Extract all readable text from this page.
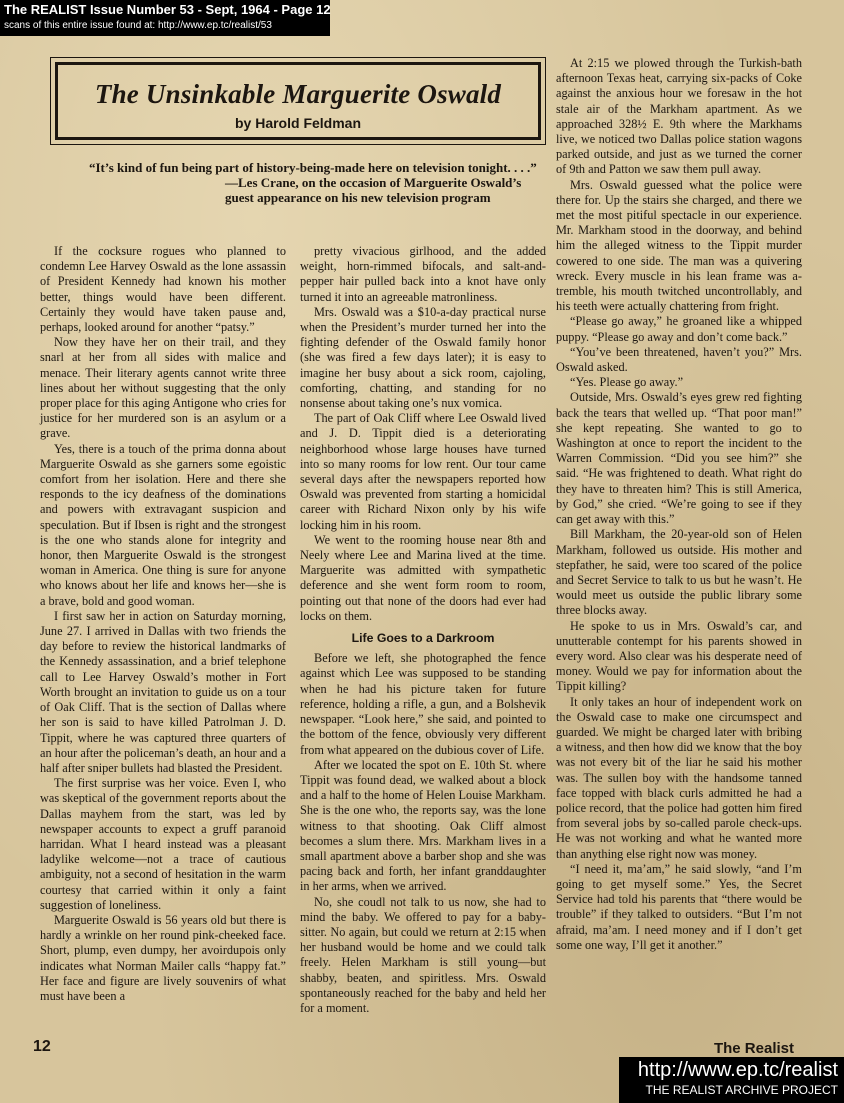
The REALIST Issue Number 53 - Sept, 1964 - Page 12
scans of this entire issue found at: http://www.ep.tc/realist/53
The Unsinkable Marguerite Oswald
by Harold Feldman
“It’s kind of fun being part of history-being-made here on television tonight. . . .”
—Les Crane, on the occasion of Marguerite Oswald’s guest appearance on his new television program

If the cocksure rogues who planned to condemn Lee Harvey Oswald as the lone assassin of President Kennedy had known his mother better, things would have been different. Certainly they would have taken pause and, perhaps, looked around for another “patsy.”

Now they have her on their trail, and they snarl at her from all sides with malice and menace. Their literary agents cannot write three lines about her without suggesting that the only proper place for this aging Antigone who cries for justice for her murdered son is an asylum or a grave.

Yes, there is a touch of the prima donna about Marguerite Oswald as she garners some egoistic comfort from her isolation. Here and there she responds to the icy deafness of the dominations and powers with extravagant suspicion and speculation. But if Ibsen is right and the strongest is the one who stands alone for integrity and honor, then Marguerite Oswald is the strongest woman in America. One thing is sure for anyone who knows about her life and knows her—she is a brave, bold and good woman.

I first saw her in action on Saturday morning, June 27. I arrived in Dallas with two friends the day before to review the historical landmarks of the Kennedy assassination, and a brief telephone call to Lee Harvey Oswald’s mother in Fort Worth brought an invitation to guide us on a tour of Oak Cliff. That is the section of Dallas where her son is said to have killed Patrolman J. D. Tippit, where he was captured three quarters of an hour after the policeman’s death, an hour and a half after sniper bullets had blasted the President.

The first surprise was her voice. Even I, who was skeptical of the government reports about the Dallas mayhem from the start, was led by newspaper accounts to expect a gruff paranoid harridan. What I heard instead was a pleasant ladylike welcome—not a trace of cautious ambiguity, not a second of hesitation in the warm courtesy that carried within it only a faint suggestion of loneliness.

Marguerite Oswald is 56 years old but there is hardly a wrinkle on her round pink-cheeked face. Short, plump, even dumpy, her avoirdupois only indicates what Norman Mailer calls “happy fat.” Her face and figure are lively souvenirs of what must have been a

pretty vivacious girlhood, and the added weight, horn-rimmed bifocals, and salt-and-pepper hair pulled back into a knot have only turned it into an agreeable matronliness.

Mrs. Oswald was a $10-a-day practical nurse when the President’s murder turned her into the fighting defender of the Oswald family honor (she was fired a few days later); it is easy to imagine her busy about a sick room, cajoling, comforting, chatting, and standing for no nonsense about taking one’s nux vomica.

The part of Oak Cliff where Lee Oswald lived and J. D. Tippit died is a deteriorating neighborhood whose large houses have turned into so many rooms for low rent. Our tour came several days after the newspapers reported how Oswald was prevented from starting a homicidal career with Richard Nixon only by his wife locking him in his room.

We went to the rooming house near 8th and Neely where Lee and Marina lived at the time. Marguerite was admitted with sympathetic deference and she went form room to room, pointing out that none of the doors had ever had locks on them.

Life Goes to a Darkroom

Before we left, she photographed the fence against which Lee was supposed to be standing when he had his picture taken for future reference, holding a rifle, a gun, and a Bolshevik newspaper. “Look here,” she said, and pointed to the bottom of the fence, obviously very different from what appeared on the dubious cover of Life.

After we located the spot on E. 10th St. where Tippit was found dead, we walked about a block and a half to the home of Helen Louise Markham. She is the one who, the reports say, was the lone witness to that shooting. Oak Cliff almost becomes a slum there. Mrs. Markham lives in a small apartment above a barber shop and she was pacing back and forth, her infant granddaughter in her arms, when we arrived.

No, she coudl not talk to us now, she had to mind the baby. We offered to pay for a baby-sitter. No again, but could we return at 2:15 when her husband would be home and we could talk freely. Helen Markham is still young—but shabby, beaten, and spiritless. Mrs. Oswald spontaneously reached for the baby and held her for a moment.

At 2:15 we plowed through the Turkish-bath afternoon Texas heat, carrying six-packs of Coke against the anxious hour we foresaw in the hot stale air of the Markham apartment. As we approached 328½ E. 9th where the Markhams live, we noticed two Dallas police station wagons parked outside, and just as we turned the corner of 9th and Patton we saw them pull away.

Mrs. Oswald guessed what the police were there for. Up the stairs she charged, and there we met the most pitiful spectacle in our experience. Mr. Markham stood in the doorway, and behind him the alleged witness to the Tippit murder cowered to one side. The man was a quivering wreck. Every muscle in his lean frame was a-tremble, his mouth twitched uncontrollably, and his teeth were actually chattering from fright.

“Please go away,” he groaned like a whipped puppy. “Please go away and don’t come back.”

“You’ve been threatened, haven’t you?” Mrs. Oswald asked.

“Yes. Please go away.”

Outside, Mrs. Oswald’s eyes grew red fighting back the tears that welled up. “That poor man!” she kept repeating. She wanted to go to Washington at once to report the incident to the Warren Commission. “Did you see him?” she said. “He was frightened to death. What right do they have to threaten him? This is still America, by God,” she cried. “We’re going to see if they can get away with this.”

Bill Markham, the 20-year-old son of Helen Markham, followed us outside. His mother and stepfather, he said, were too scared of the police and Secret Service to talk to us but he wasn’t. He would meet us outside the public library some three blocks away.

He spoke to us in Mrs. Oswald’s car, and unutterable contempt for his parents showed in every word. Also clear was his desperate need of money. Would we pay for information about the Tippit killing?

It only takes an hour of independent work on the Oswald case to make one circumspect and guarded. We might be charged later with bribing a witness, and then how did we know that the boy was not every bit of the liar he said his mother was. The sullen boy with the handsome tanned face topped with black curls admitted he had a police record, that the police had gotten him fired from several jobs by so-called parole check-ups. He was not working and what he wanted more than anything else right now was money.

“I need it, ma’am,” he said slowly, “and I’m going to get myself some.” Yes, the Secret Service had told his parents that “there would be trouble” if they talked to outsiders. “But I’m not afraid, ma’am. I need money and if I don’t get some one way, I’ll get it another.”

12	The Realist
http://www.ep.tc/realist
THE REALIST ARCHIVE PROJECT
